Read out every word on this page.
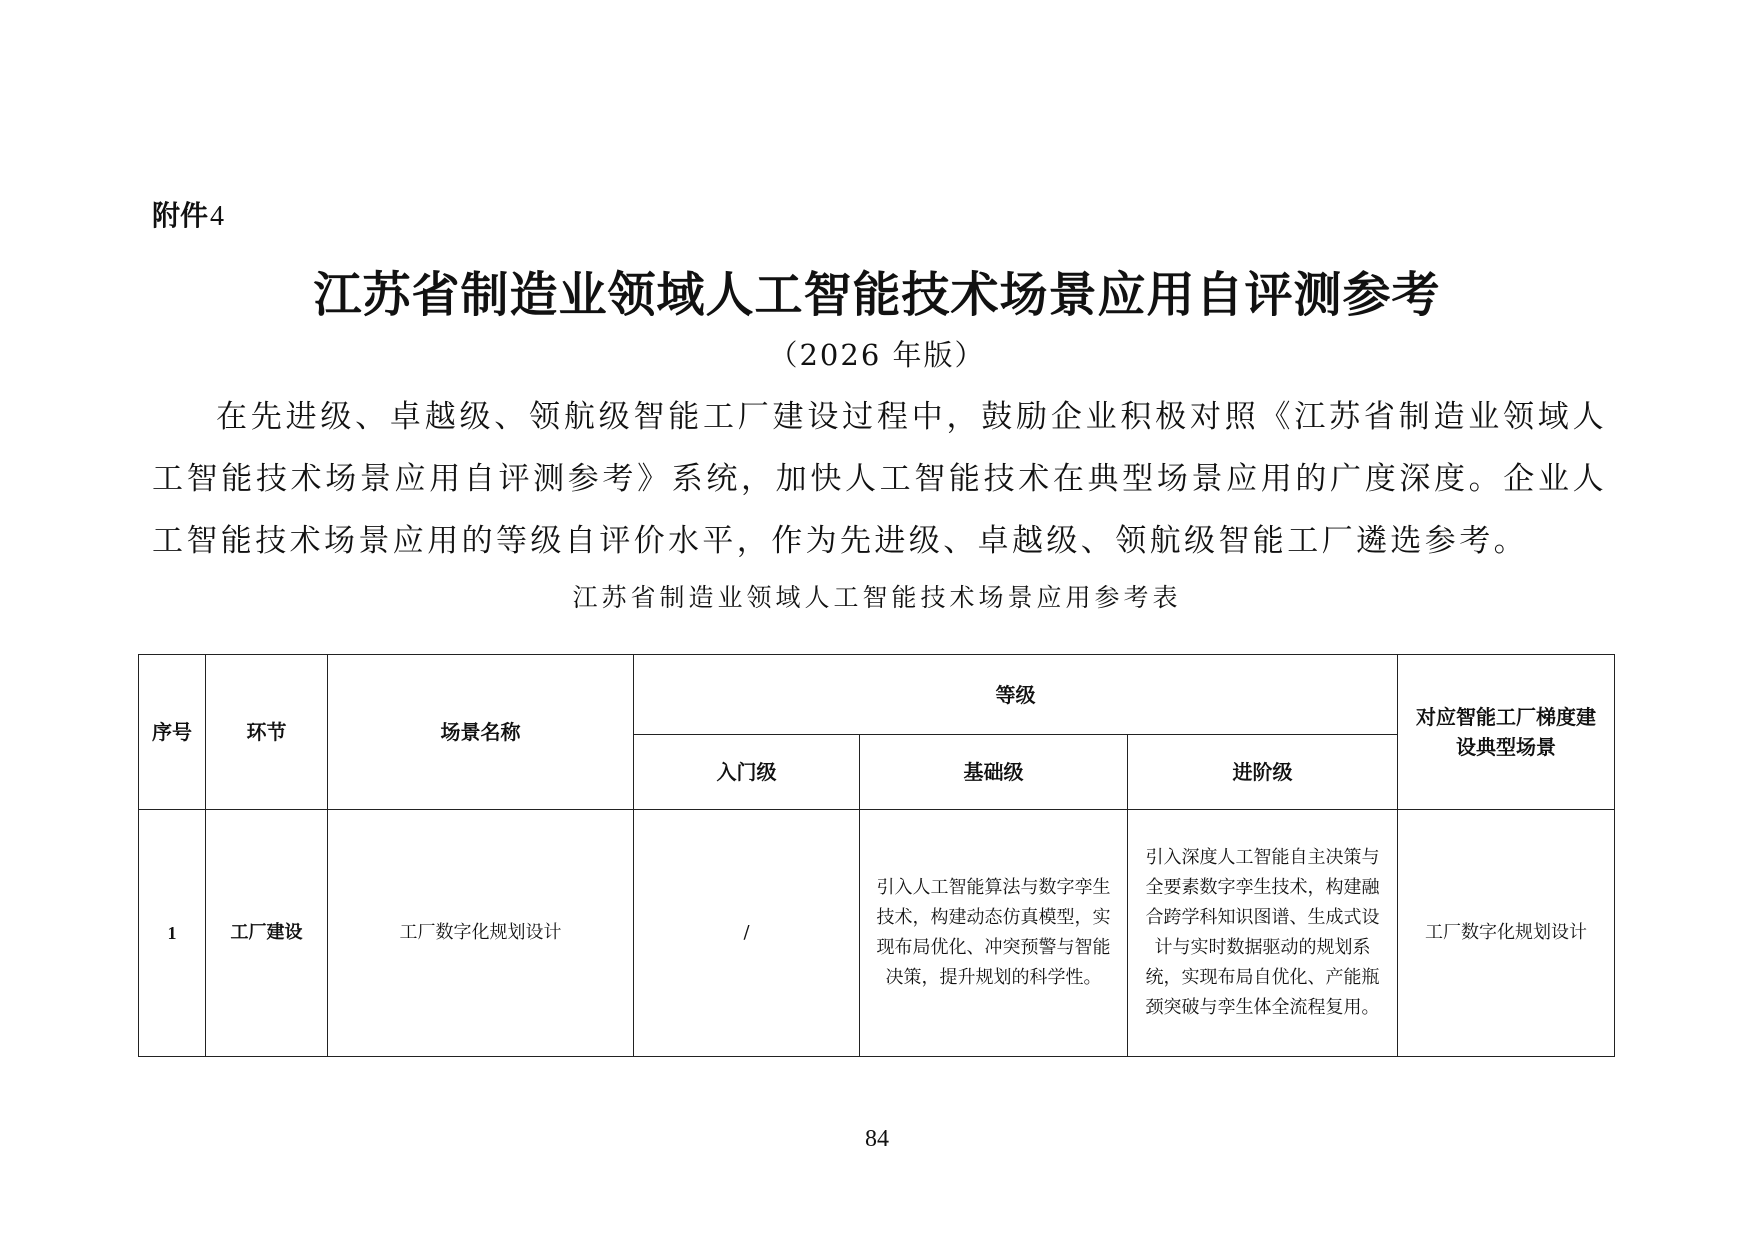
附件4
江苏省制造业领域人工智能技术场景应用自评测参考
（2026 年版）

在先进级、卓越级、领航级智能工厂建设过程中，鼓励企业积极对照《江苏省制造业领域人工智能技术场景应用自评测参考》系统，加快人工智能技术在典型场景应用的广度深度。企业人工智能技术场景应用的等级自评价水平，作为先进级、卓越级、领航级智能工厂遴选参考。

江苏省制造业领域人工智能技术场景应用参考表
序号	环节	场景名称	等级			对应智能工厂梯度建设典型场景
			入门级	基础级	进阶级	
1	工厂建设	工厂数字化规划设计	/	引入人工智能算法与数字孪生技术，构建动态仿真模型，实现布局优化、冲突预警与智能决策，提升规划的科学性。	引入深度人工智能自主决策与全要素数字孪生技术，构建融合跨学科知识图谱、生成式设计与实时数据驱动的规划系统，实现布局自优化、产能瓶颈突破与孪生体全流程复用。	工厂数字化规划设计
84
